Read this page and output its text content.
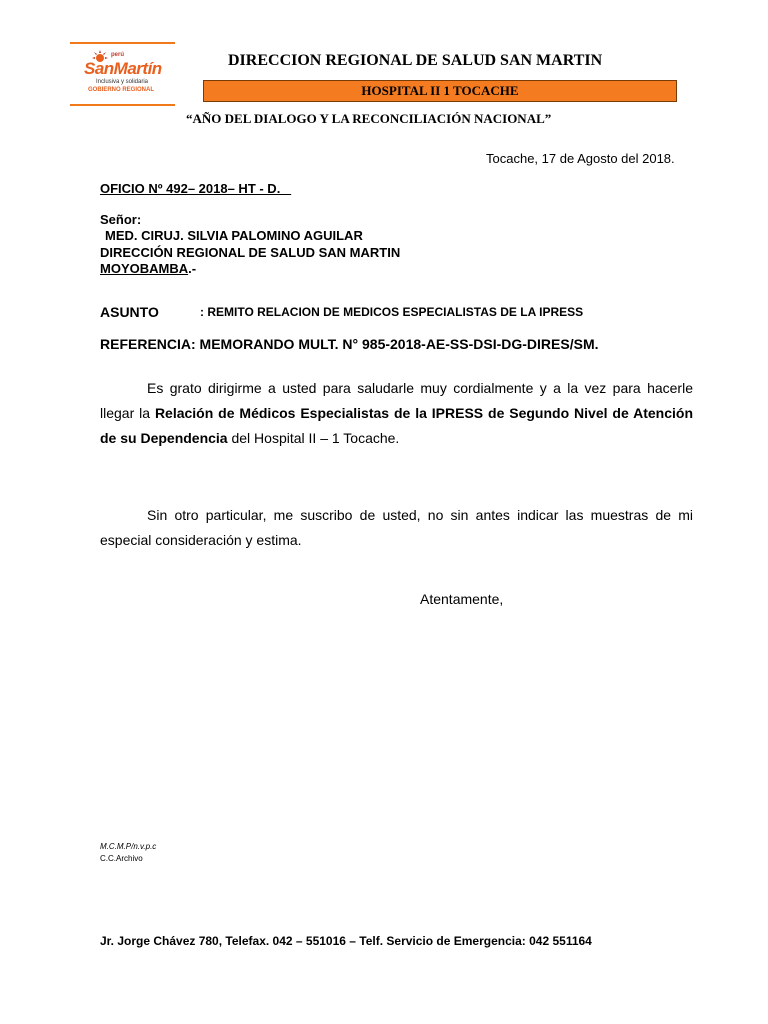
perú
SanMartín
Inclusiva y solidaria
GOBIERNO REGIONAL
DIRECCION REGIONAL DE SALUD SAN MARTIN
HOSPITAL II 1 TOCACHE
“AÑO DEL DIALOGO Y LA RECONCILIACIÓN NACIONAL”
Tocache, 17 de Agosto del 2018.
OFICIO Nº 492– 2018– HT - D.
Señor:
MED. CIRUJ. SILVIA PALOMINO AGUILAR
DIRECCIÓN REGIONAL DE SALUD SAN MARTIN
MOYOBAMBA.-
ASUNTO	: REMITO RELACION DE MEDICOS ESPECIALISTAS DE LA IPRESS
REFERENCIA: MEMORANDO MULT. N° 985-2018-AE-SS-DSI-DG-DIRES/SM.
Es grato dirigirme a usted para saludarle muy cordialmente y a la vez para hacerle llegar la Relación de Médicos Especialistas de la IPRESS de Segundo Nivel de Atención de su Dependencia del Hospital II – 1 Tocache.
Sin otro particular, me suscribo de usted, no sin antes indicar las muestras de mi especial consideración y estima.
Atentamente,
M.C.M.P/n.v.p.c
C.C.Archivo
Jr. Jorge Chávez 780, Telefax. 042 – 551016 – Telf. Servicio de Emergencia: 042 551164
